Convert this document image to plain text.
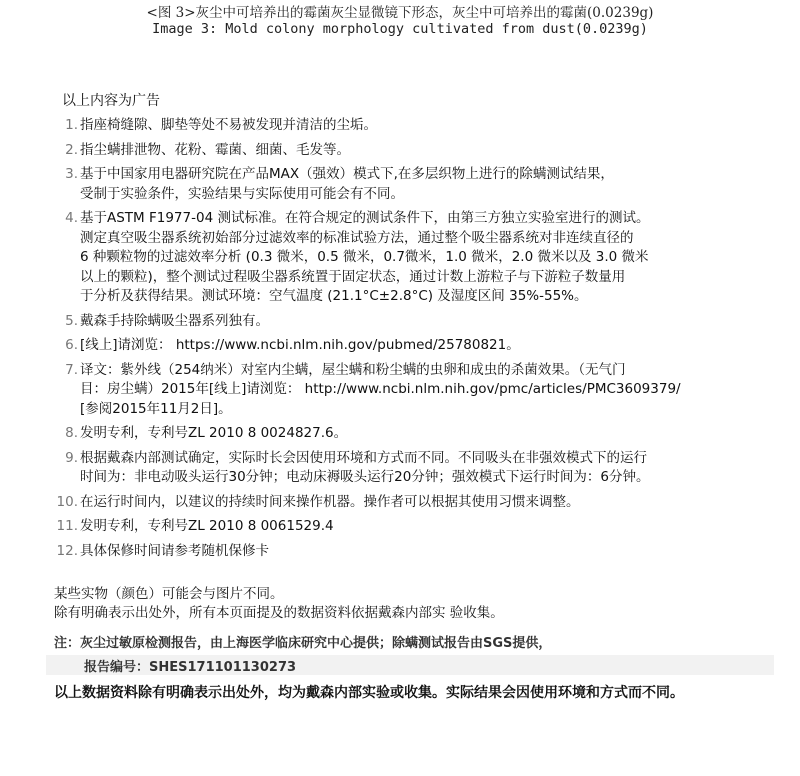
<图 3>灰尘中可培养出的霉菌灰尘显微镜下形态，灰尘中可培养出的霉菌(0.0239g)
Image 3: Mold colony morphology cultivated from dust(0.0239g)
以上内容为广告
1. 指座椅缝隙、脚垫等处不易被发现并清洁的尘垢。
2. 指尘螨排泄物、花粉、霉菌、细菌、毛发等。
3. 基于中国家用电器研究院在产品MAX（强效）模式下,在多层织物上进行的除螨测试结果，
受制于实验条件，实验结果与实际使用可能会有不同。
4. 基于ASTM F1977-04 测试标准。在符合规定的测试条件下，由第三方独立实验室进行的测试。
测定真空吸尘器系统初始部分过滤效率的标准试验方法，通过整个吸尘器系统对非连续直径的
6 种颗粒物的过滤效率分析 (0.3 微米，0.5 微米，0.7微米，1.0 微米，2.0 微米以及 3.0 微米
以上的颗粒)，整个测试过程吸尘器系统置于固定状态，通过计数上游粒子与下游粒子数量用
于分析及获得结果。测试环境：空气温度 (21.1°C±2.8°C) 及湿度区间 35%-55%。
5. 戴森手持除螨吸尘器系列独有。
6. [线上]请浏览： https://www.ncbi.nlm.nih.gov/pubmed/25780821。
7. 译文：紫外线（254纳米）对室内尘螨，屋尘螨和粉尘螨的虫卵和成虫的杀菌效果。（无气门
目：房尘螨）2015年[线上]请浏览： http://www.ncbi.nlm.nih.gov/pmc/articles/PMC3609379/
[参阅2015年11月2日]。
8. 发明专利，专利号ZL 2010 8 0024827.6。
9. 根据戴森内部测试确定，实际时长会因使用环境和方式而不同。不同吸头在非强效模式下的运行
时间为：非电动吸头运行30分钟；电动床褥吸头运行20分钟；强效模式下运行时间为：6分钟。
10. 在运行时间内，以建议的持续时间来操作机器。操作者可以根据其使用习惯来调整。
11. 发明专利，专利号ZL 2010 8 0061529.4
12. 具体保修时间请参考随机保修卡
某些实物（颜色）可能会与图片不同。
除有明确表示出处外，所有本页面提及的数据资料依据戴森内部实 验收集。
注：灰尘过敏原检测报告，由上海医学临床研究中心提供；除螨测试报告由SGS提供，
报告编号：SHES171101130273
以上数据资料除有明确表示出处外，均为戴森内部实验或收集。实际结果会因使用环境和方式而不同。
